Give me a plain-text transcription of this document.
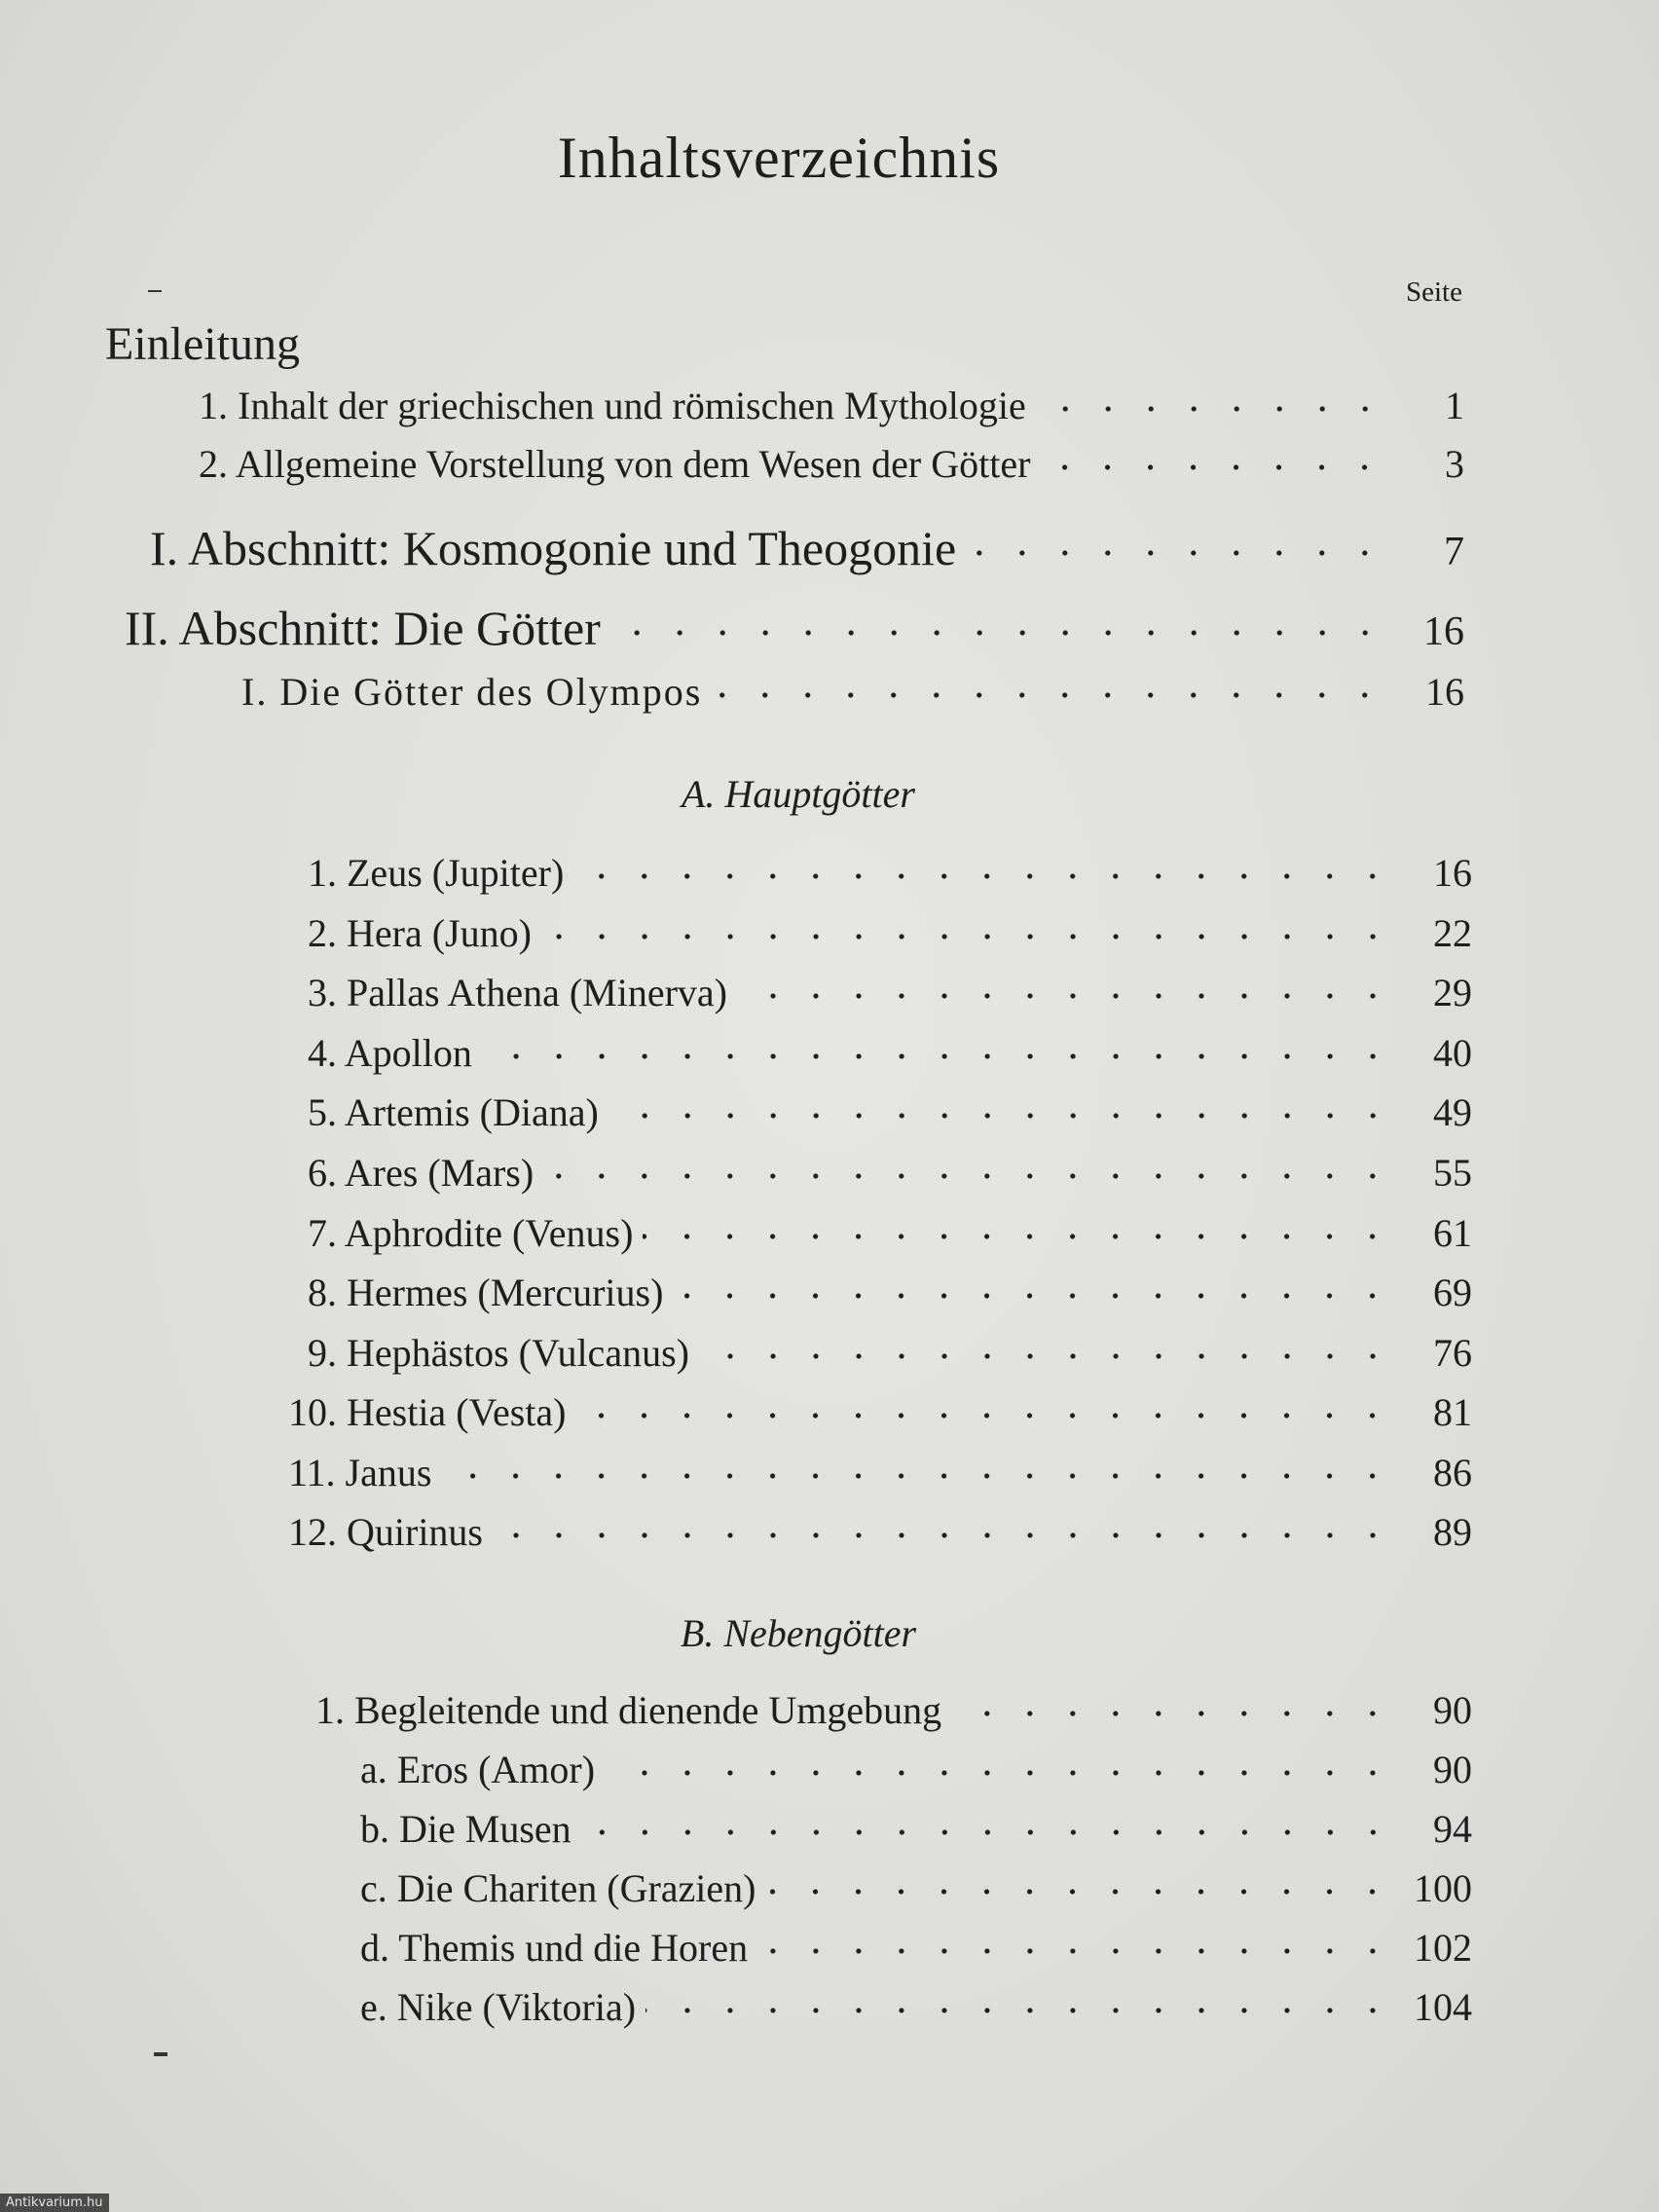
Inhaltsverzeichnis
Seite
Einleitung
1. Inhalt der griechischen und römischen Mythologie	1
2. Allgemeine Vorstellung von dem Wesen der Götter	3
I. Abschnitt: Kosmogonie und Theogonie	7
II. Abschnitt: Die Götter	16
I. Die Götter des Olympos	16
A. Hauptgötter
1. Zeus (Jupiter)	16
2. Hera (Juno)	22
3. Pallas Athena (Minerva)	29
4. Apollon	40
5. Artemis (Diana)	49
6. Ares (Mars)	55
7. Aphrodite (Venus)	61
8. Hermes (Mercurius)	69
9. Hephästos (Vulcanus)	76
10. Hestia (Vesta)	81
11. Janus	86
12. Quirinus	89
B. Nebengötter
1. Begleitende und dienende Umgebung	90
a. Eros (Amor)	90
b. Die Musen	94
c. Die Chariten (Grazien)	100
d. Themis und die Horen	102
e. Nike (Viktoria)	104
Antikvarium.hu
